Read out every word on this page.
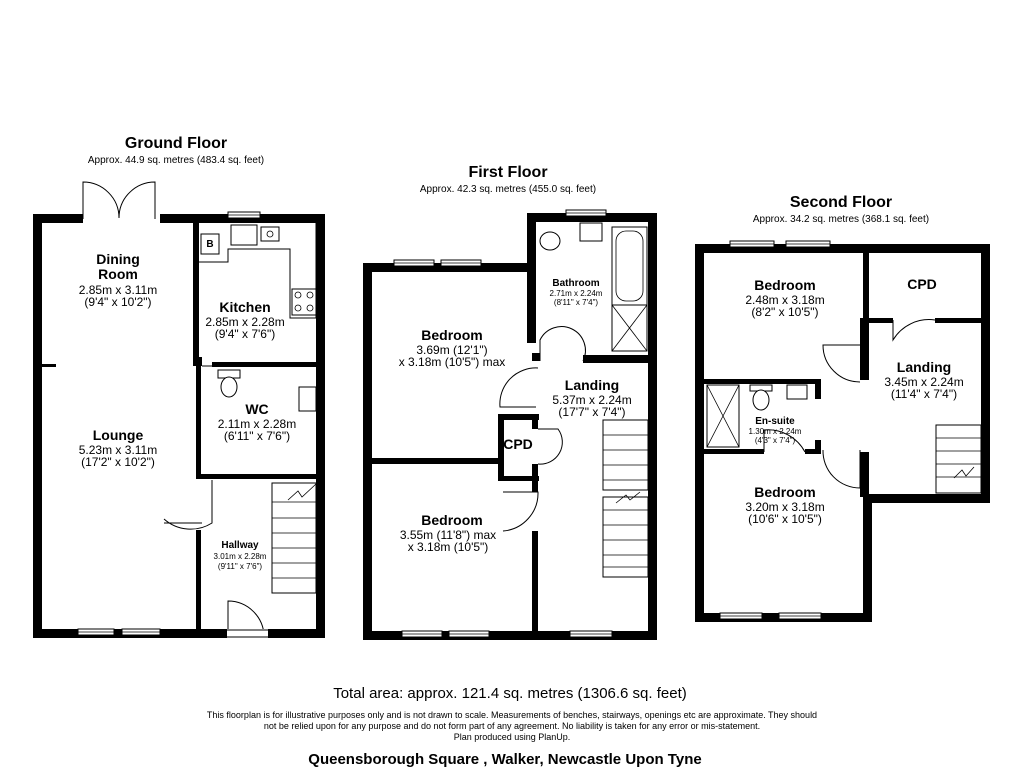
Ground Floor
Approx. 44.9 sq. metres (483.4 sq. feet)
Dining
Room
2.85m x 3.11m
(9'4" x 10'2")
B
Kitchen
2.85m x 2.28m
(9'4" x 7'6")
Lounge
5.23m x 3.11m
(17'2" x 10'2")
WC
2.11m x 2.28m
(6'11" x 7'6")
Hallway
3.01m x 2.28m
(9'11" x 7'6")
First Floor
Approx. 42.3 sq. metres (455.0 sq. feet)
Bathroom
2.71m x 2.24m
(8'11" x 7'4")
Bedroom
3.69m (12'1")
x 3.18m (10'5") max
Landing
5.37m x 2.24m
(17'7" x 7'4")
CPD
Bedroom
3.55m (11'8") max
x 3.18m (10'5")
Second Floor
Approx. 34.2 sq. metres (368.1 sq. feet)
Bedroom
2.48m x 3.18m
(8'2" x 10'5")
CPD
Landing
3.45m x 2.24m
(11'4" x 7'4")
En-suite
1.30m x 2.24m
(4'3" x 7'4")
Bedroom
3.20m x 3.18m
(10'6" x 10'5")
Total area: approx. 121.4 sq. metres (1306.6 sq. feet)
This floorplan is for illustrative purposes only and is not drawn to scale. Measurements of benches, stairways, openings etc are approximate. They should
not be relied upon for any purpose and do not form part of any agreement. No liability is taken for any error or mis-statement.
Plan produced using PlanUp.
Queensborough Square , Walker, Newcastle Upon Tyne
